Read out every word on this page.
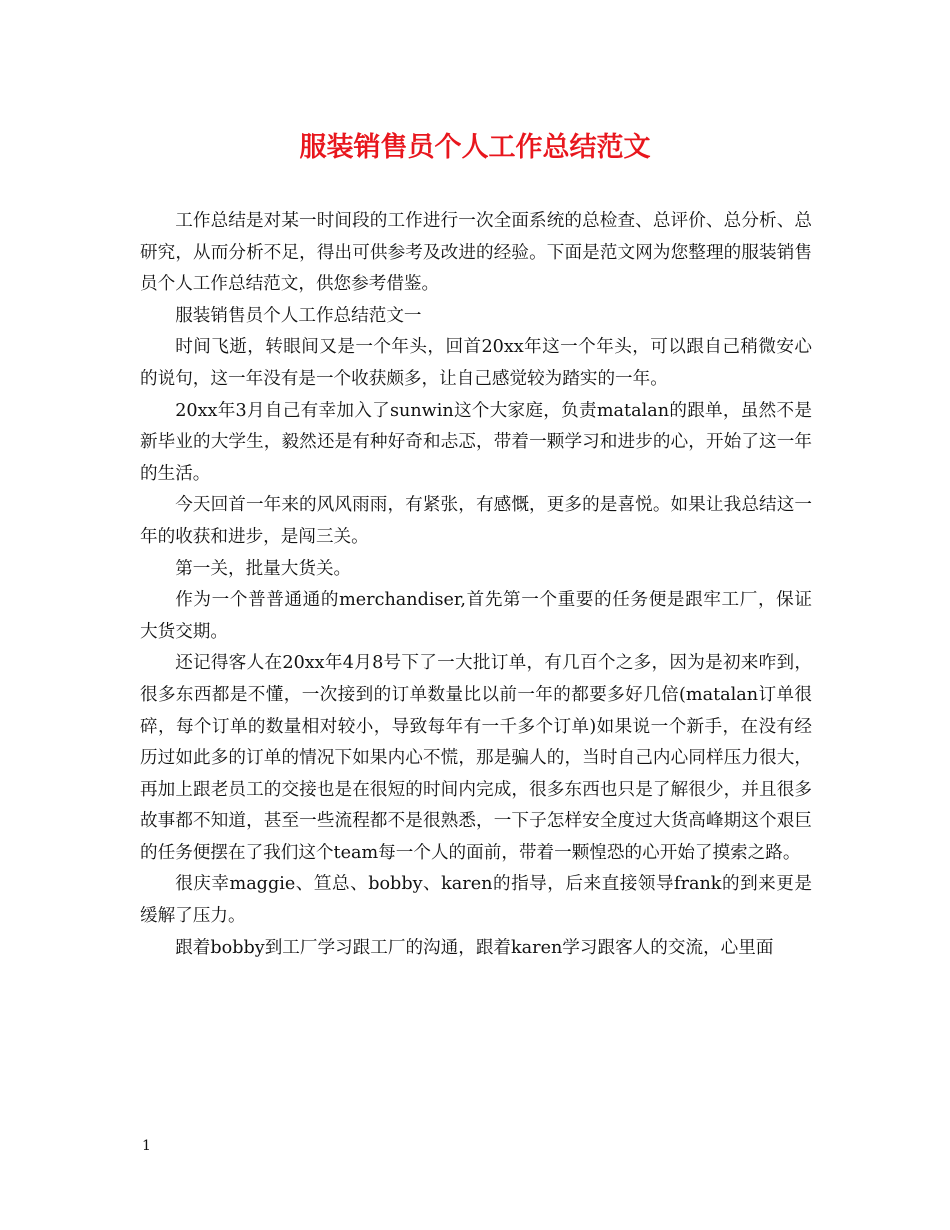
服装销售员个人工作总结范文

工作总结是对某一时间段的工作进行一次全面系统的总检查、总评价、总分析、总研究，从而分析不足，得出可供参考及改进的经验。下面是范文网为您整理的服装销售员个人工作总结范文，供您参考借鉴。

服装销售员个人工作总结范文一

时间飞逝，转眼间又是一个年头，回首20xx年这一个年头，可以跟自己稍微安心的说句，这一年没有是一个收获颇多，让自己感觉较为踏实的一年。

20xx年3月自己有幸加入了sunwin这个大家庭，负责matalan的跟单，虽然不是新毕业的大学生，毅然还是有种好奇和忐忑，带着一颗学习和进步的心，开始了这一年的生活。

今天回首一年来的风风雨雨，有紧张，有感慨，更多的是喜悦。如果让我总结这一年的收获和进步，是闯三关。

第一关，批量大货关。

作为一个普普通通的merchandiser,首先第一个重要的任务便是跟牢工厂，保证大货交期。

还记得客人在20xx年4月8号下了一大批订单，有几百个之多，因为是初来咋到，很多东西都是不懂，一次接到的订单数量比以前一年的都要多好几倍(matalan订单很碎，每个订单的数量相对较小，导致每年有一千多个订单)如果说一个新手，在没有经历过如此多的订单的情况下如果内心不慌，那是骗人的，当时自己内心同样压力很大，再加上跟老员工的交接也是在很短的时间内完成，很多东西也只是了解很少，并且很多故事都不知道，甚至一些流程都不是很熟悉，一下子怎样安全度过大货高峰期这个艰巨的任务便摆在了我们这个team每一个人的面前，带着一颗惶恐的心开始了摸索之路。

很庆幸maggie、笪总、bobby、karen的指导，后来直接领导frank的到来更是缓解了压力。

跟着bobby到工厂学习跟工厂的沟通，跟着karen学习跟客人的交流，心里面

1
